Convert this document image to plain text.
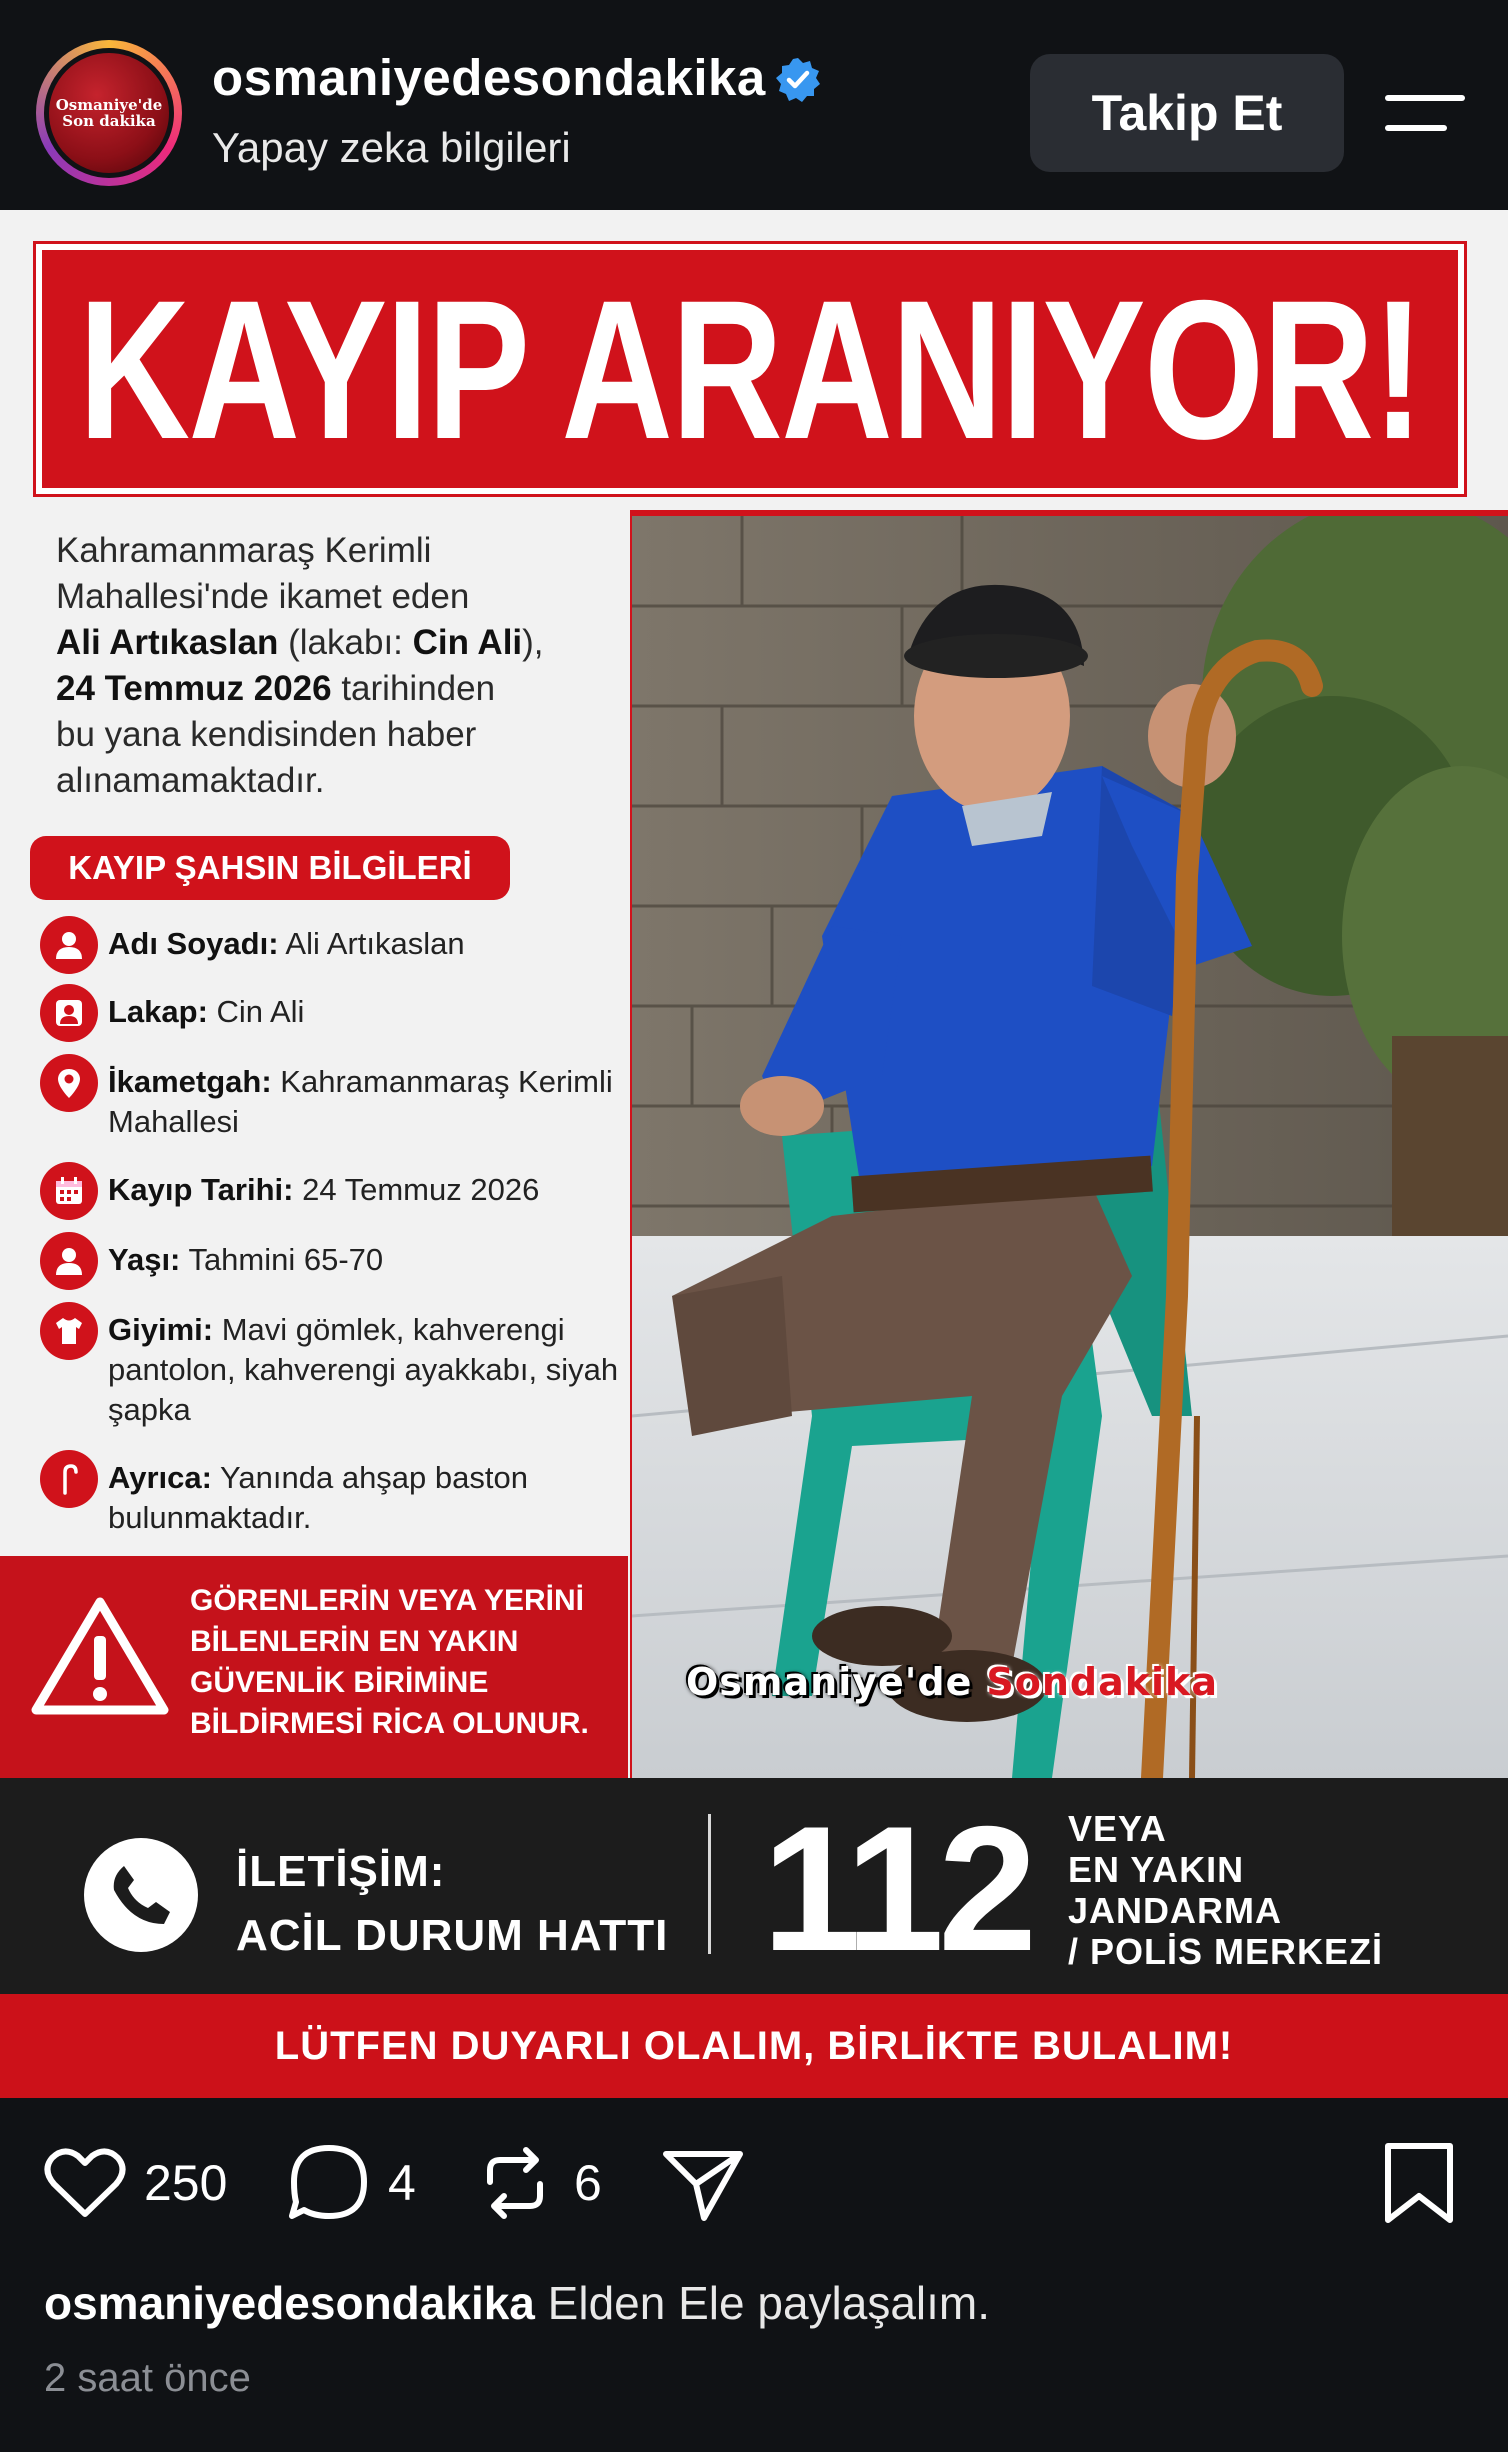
Osmaniye'de
Son dakika
osmaniyedesondakika
Yapay zeka bilgileri
Takip Et
KAYIP ARANIYOR!
Kahramanmaraş Kerimli
Mahallesi'nde ikamet eden
Ali Artıkaslan (lakabı: Cin Ali),
24 Temmuz 2026 tarihinden
bu yana kendisinden haber
alınamamaktadır.
KAYIP ŞAHSIN BİLGİLERİ
Adı Soyadı: Ali Artıkaslan
Lakap: Cin Ali
İkametgah: Kahramanmaraş Kerimli Mahallesi
Kayıp Tarihi: 24 Temmuz 2026
Yaşı: Tahmini 65-70
Giyimi: Mavi gömlek, kahverengi pantolon, kahverengi ayakkabı, siyah şapka
Ayrıca: Yanında ahşap baston bulunmaktadır.
GÖRENLERİN VEYA YERİNİ
BİLENLERİN EN YAKIN
GÜVENLİK BİRİMİNE
BİLDİRMESİ RİCA OLUNUR.
Osmaniye'de Sondakika
İLETİŞİM:
ACİL DURUM HATTI 112 VEYA
EN YAKIN
JANDARMA
/ POLİS MERKEZİ
LÜTFEN DUYARLI OLALIM, BİRLİKTE BULALIM!
250	4	6
osmaniyedesondakika Elden Ele paylaşalım.
2 saat önce
